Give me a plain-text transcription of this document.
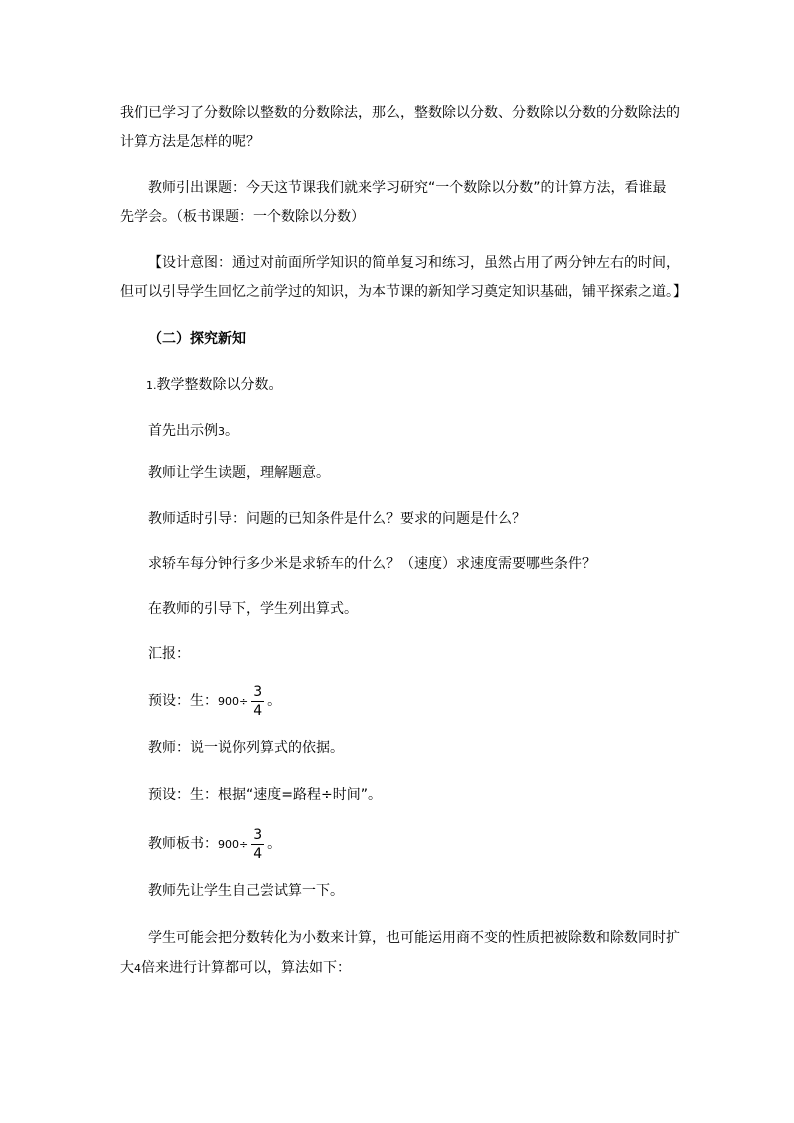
我们已学习了分数除以整数的分数除法，那么，整数除以分数、分数除以分数的分数除法的
计算方法是怎样的呢？
教师引出课题：今天这节课我们就来学习研究“一个数除以分数”的计算方法，看谁最
先学会。（板书课题：一个数除以分数）
【设计意图：通过对前面所学知识的简单复习和练习，虽然占用了两分钟左右的时间，
但可以引导学生回忆之前学过的知识，为本节课的新知学习奠定知识基础，铺平探索之道。】
（二）探究新知
1.教学整数除以分数。
首先出示例3。
教师让学生读题，理解题意。
教师适时引导：问题的已知条件是什么？要求的问题是什么？
求轿车每分钟行多少米是求轿车的什么？（速度）求速度需要哪些条件？
在教师的引导下，学生列出算式。
汇报：
预设：生：$900\div \frac{3}{4}$ 。
教师：说一说你列算式的依据。
预设：生：根据“速度=路程÷时间”。
教师板书：$900\div \frac{3}{4}$ 。
教师先让学生自己尝试算一下。
学生可能会把分数转化为小数来计算，也可能运用商不变的性质把被除数和除数同时扩
大4倍来进行计算都可以，算法如下：
